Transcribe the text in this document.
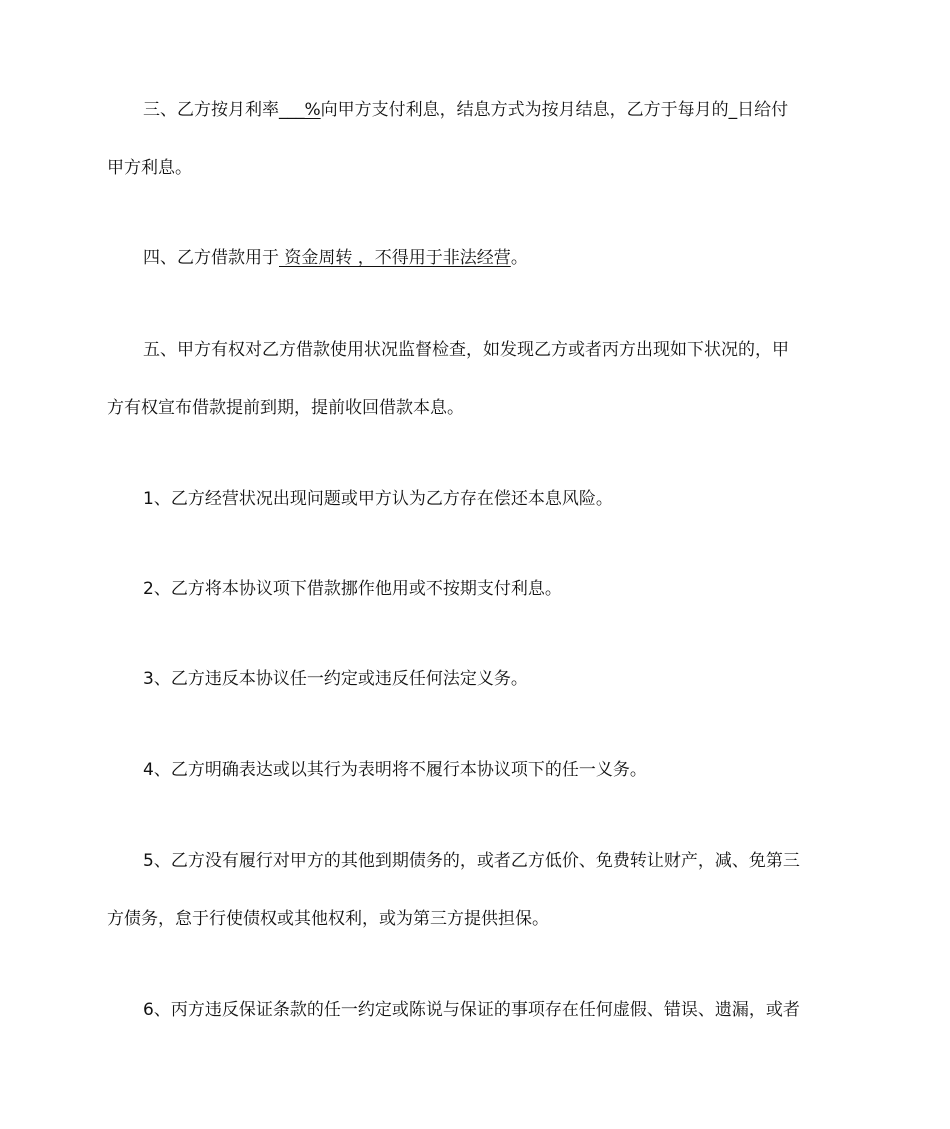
三、乙方按月利率___%向甲方支付利息，结息方式为按月结息，乙方于每月的_日给付
甲方利息。
四、乙方借款用于 资金周转 ，不得用于非法经营。
五、甲方有权对乙方借款使用状况监督检查，如发现乙方或者丙方出现如下状况的，甲
方有权宣布借款提前到期，提前收回借款本息。
1、乙方经营状况出现问题或甲方认为乙方存在偿还本息风险。
2、乙方将本协议项下借款挪作他用或不按期支付利息。
3、乙方违反本协议任一约定或违反任何法定义务。
4、乙方明确表达或以其行为表明将不履行本协议项下的任一义务。
5、乙方没有履行对甲方的其他到期债务的，或者乙方低价、免费转让财产，减、免第三
方债务，怠于行使债权或其他权利，或为第三方提供担保。
6、丙方违反保证条款的任一约定或陈说与保证的事项存在任何虚假、错误、遗漏，或者
